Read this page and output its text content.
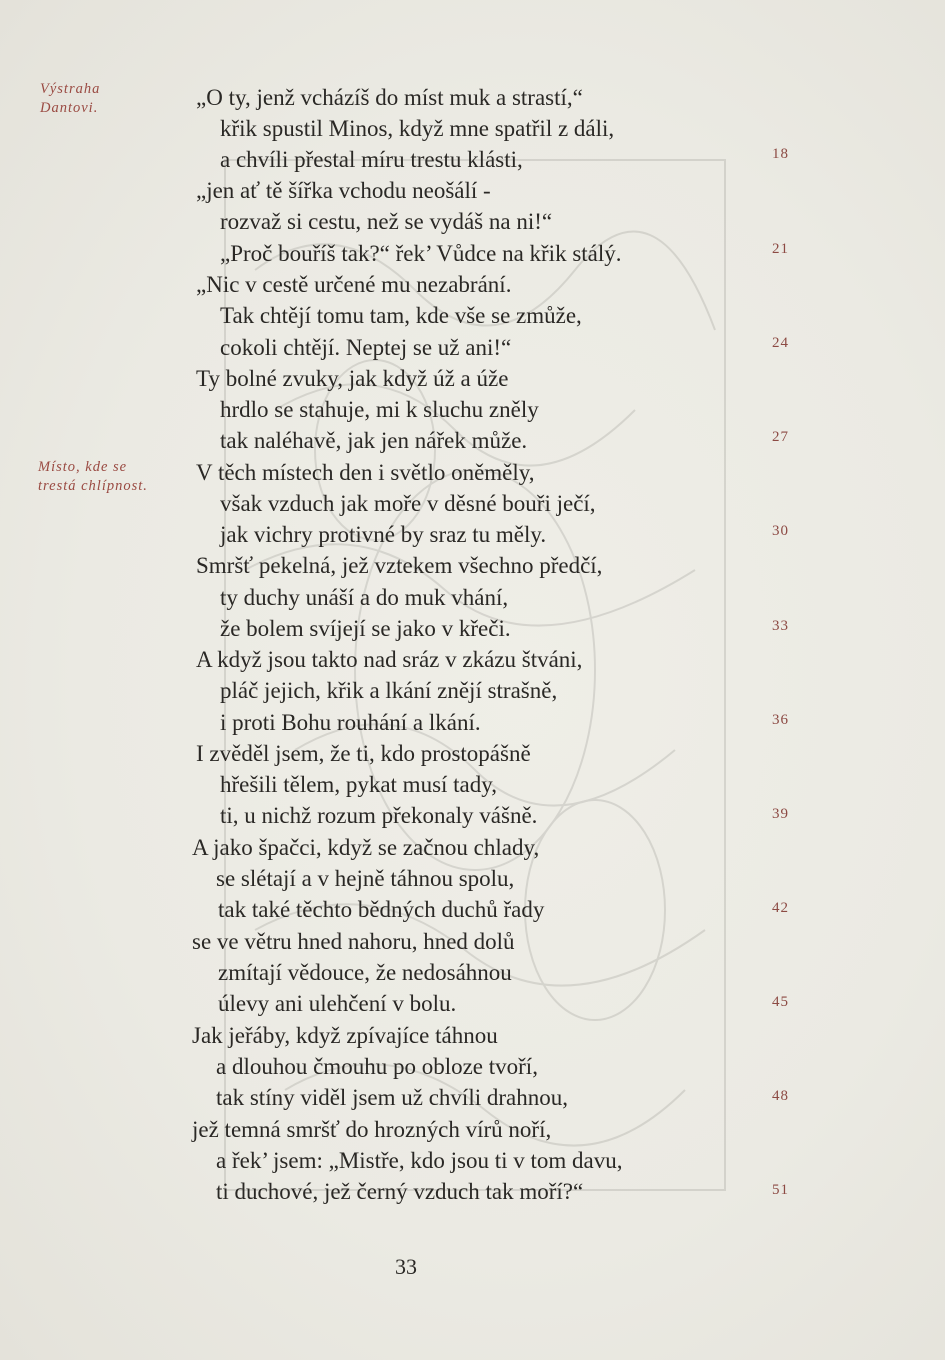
Výstraha
Dantovi.
Místo, kde se
trestá chlípnost.
„O ty, jenž vcházíš do míst muk a strastí,“
křik spustil Minos, když mne spatřil z dáli,
a chvíli přestal míru trestu klásti,
„jen ať tě šířka vchodu neošálí -
rozvaž si cestu, než se vydáš na ni!“
„Proč bouříš tak?“ řek’ Vůdce na křik stálý.
„Nic v cestě určené mu nezabrání.
Tak chtějí tomu tam, kde vše se zmůže,
cokoli chtějí. Neptej se už ani!“
Ty bolné zvuky, jak když úž a úže
hrdlo se stahuje, mi k sluchu zněly
tak naléhavě, jak jen nářek může.
V těch místech den i světlo oněměly,
však vzduch jak moře v děsné bouři ječí,
jak vichry protivné by sraz tu měly.
Smršť pekelná, jež vztekem všechno předčí,
ty duchy unáší a do muk vhání,
že bolem svíjejí se jako v křeči.
A když jsou takto nad sráz v zkázu štváni,
pláč jejich, křik a lkání znějí strašně,
i proti Bohu rouhání a lkání.
I zvěděl jsem, že ti, kdo prostopášně
hřešili tělem, pykat musí tady,
ti, u nichž rozum překonaly vášně.
A jako špačci, když se začnou chlady,
se slétají a v hejně táhnou spolu,
tak také těchto bědných duchů řady
se ve větru hned nahoru, hned dolů
zmítají vědouce, že nedosáhnou
úlevy ani ulehčení v bolu.
Jak jeřáby, když zpívajíce táhnou
a dlouhou čmouhu po obloze tvoří,
tak stíny viděl jsem už chvíli drahnou,
jež temná smršť do hrozných vírů noří,
a řek’ jsem: „Mistře, kdo jsou ti v tom davu,
ti duchové, jež černý vzduch tak moří?“
18
21
24
27
30
33
36
39
42
45
48
51
33
